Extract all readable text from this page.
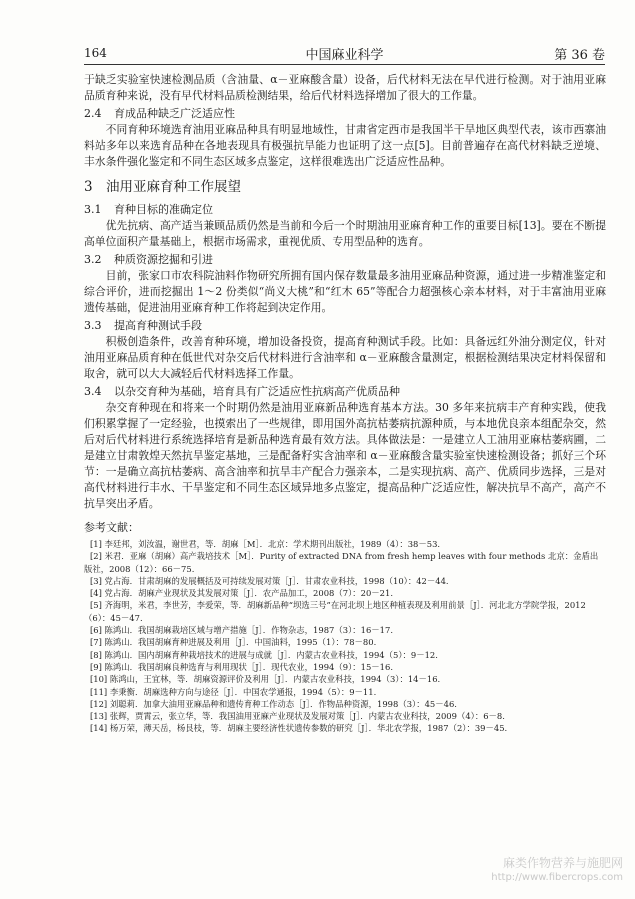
164	中国麻业科学	第 36 卷

于缺乏实验室快速检测品质（含油量、α－亚麻酸含量）设备，后代材料无法在早代进行检测。对于油用亚麻品质育种来说，没有早代材料品质检测结果，给后代材料选择增加了很大的工作量。

2.4 育成品种缺乏广泛适应性

不同育种环境选育油用亚麻品种具有明显地域性，甘肃省定西市是我国半干旱地区典型代表，该市西寨油料站多年以来选育品种在各地表现具有极强抗旱能力也证明了这一点[5]。目前普遍存在高代材料缺乏逆境、丰水条件强化鉴定和不同生态区域多点鉴定，这样很难选出广泛适应性品种。

3 油用亚麻育种工作展望
3.1 育种目标的准确定位

优先抗病、高产适当兼顾品质仍然是当前和今后一个时期油用亚麻育种工作的重要目标[13]。要在不断提高单位面积产量基础上，根据市场需求，重视优质、专用型品种的选育。

3.2 种质资源挖掘和引进

目前，张家口市农科院油料作物研究所拥有国内保存数量最多油用亚麻品种资源，通过进一步精准鉴定和综合评价，进而挖掘出 1～2 份类似“尚义大桃”和“红木 65”等配合力超强核心亲本材料，对于丰富油用亚麻遗传基础，促进油用亚麻育种工作将起到决定作用。

3.3 提高育种测试手段

积极创造条件，改善育种环境，增加设备投资，提高育种测试手段。比如：具备远红外油分测定仪，针对油用亚麻品质育种在低世代对杂交后代材料进行含油率和 α－亚麻酸含量测定，根据检测结果决定材料保留和取舍，就可以大大减轻后代材料选择工作量。

3.4 以杂交育种为基础，培育具有广泛适应性抗病高产优质品种

杂交育种现在和将来一个时期仍然是油用亚麻新品种选育基本方法。30 多年来抗病丰产育种实践，使我们积累掌握了一定经验，也摸索出了一些规律，即用国外高抗枯萎病抗源种质，与本地优良亲本组配杂交，然后对后代材料进行系统选择培育是新品种选育最有效方法。具体做法是：一是建立人工油用亚麻枯萎病圃，二是建立甘肃敦煌天然抗旱鉴定基地，三是配备籽实含油率和 α－亚麻酸含量实验室快速检测设备；抓好三个环节：一是确立高抗枯萎病、高含油率和抗旱丰产配合力强亲本，二是实现抗病、高产、优质同步选择，三是对高代材料进行丰水、干旱鉴定和不同生态区域异地多点鉴定，提高品种广泛适应性，解决抗旱不高产，高产不抗旱突出矛盾。

参考文献：

[1] 李廷邦，刘汝温，谢世君，等．胡麻［M］．北京：学术期刊出版社，1989（4）：38－53.

[2] 米君．亚麻（胡麻）高产栽培技术［M］．Purity of extracted DNA from fresh hemp leaves with four methods 北京：金盾出版社，2008（12）：66－75.

[3] 党占海．甘肃胡麻的发展概括及可持续发展对策［J］．甘肃农业科技，1998（10）：42－44.

[4] 党占海．胡麻产业现状及其发展对策［J］．农产品加工，2008（7）：20－21.

[5] 齐海明，米君，李世芳，李爱荣，等．胡麻新品种“坝选三号”在河北坝上地区种植表现及利用前景［J］．河北北方学院学报，2012（6）：45－47.

[6] 陈鸿山．我国胡麻栽培区域与增产措施［J］．作物杂志，1987（3）：16－17.

[7] 陈鸿山．我国胡麻育种进展及利用［J］．中国油料，1995（1）：78－80.

[8] 陈鸿山．国内胡麻育种栽培技术的进展与成就［J］．内蒙古农业科技，1994（5）：9－12.

[9] 陈鸿山．我国胡麻良种选育与利用现状［J］．现代农业，1994（9）：15－16.

[10] 陈鸿山，王宜林，等．胡麻资源评价及利用［J］．内蒙古农业科技，1994（3）：14－16.

[11] 李秉衡．胡麻选种方向与途径［J］．中国农学通报，1994（5）：9－11.

[12] 刘聪莉．加拿大油用亚麻品种和遗传育种工作动态［J］．作物品种资源，1998（3）：45－46.

[13] 张辉，贾霄云，张立华，等．我国油用亚麻产业现状及发展对策［J］．内蒙古农业科技，2009（4）：6－8.

[14] 杨万荣，薄天岳，杨艮枝，等．胡麻主要经济性状遗传参数的研究［J］．华北农学报，1987（2）：39－45.

麻类作物营养与施肥网
http://www.fibercrops.com
